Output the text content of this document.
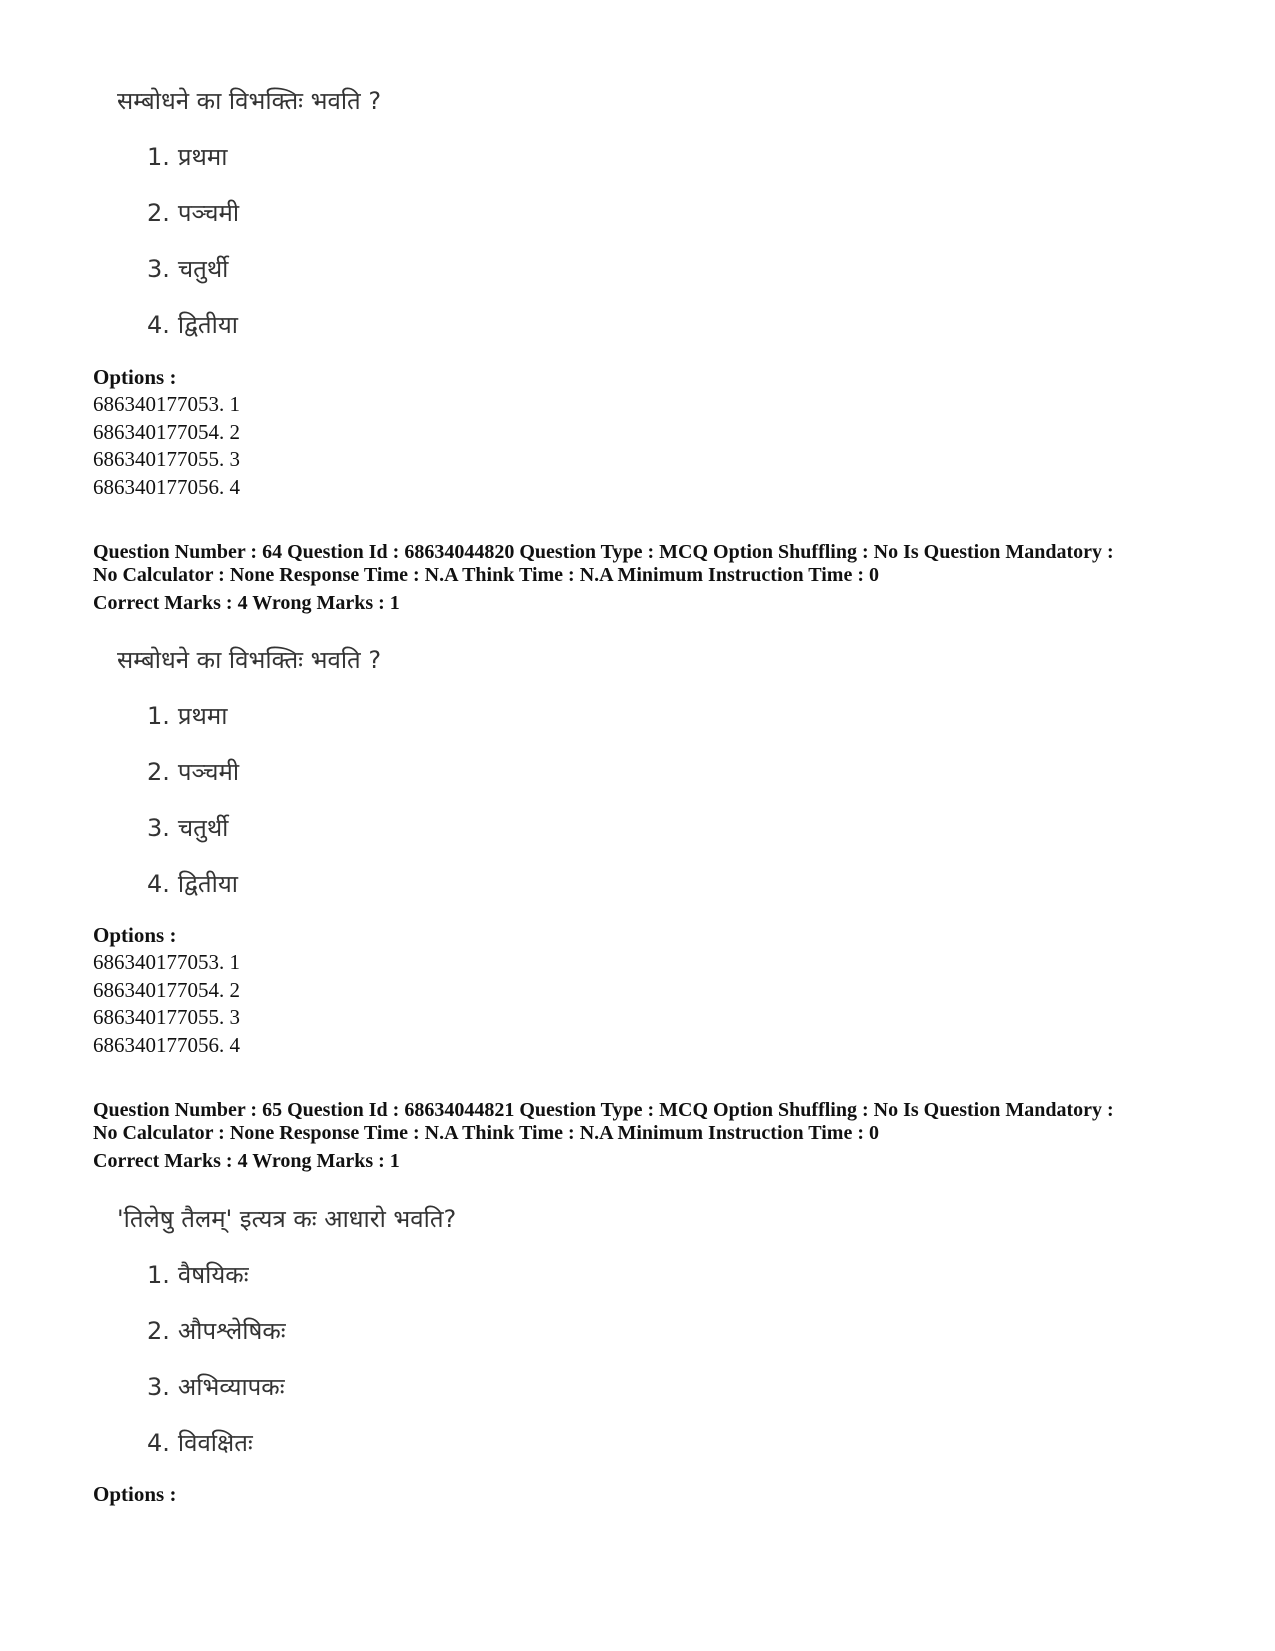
सम्बोधने का विभक्तिः भवति ?
1. प्रथमा
2. पञ्चमी
3. चतुर्थी
4. द्वितीया
Options :
686340177053. 1
686340177054. 2
686340177055. 3
686340177056. 4
Question Number : 64 Question Id : 68634044820 Question Type : MCQ Option Shuffling : No Is Question Mandatory :
No Calculator : None Response Time : N.A Think Time : N.A Minimum Instruction Time : 0
Correct Marks : 4 Wrong Marks : 1
सम्बोधने का विभक्तिः भवति ?
1. प्रथमा
2. पञ्चमी
3. चतुर्थी
4. द्वितीया
Options :
686340177053. 1
686340177054. 2
686340177055. 3
686340177056. 4
Question Number : 65 Question Id : 68634044821 Question Type : MCQ Option Shuffling : No Is Question Mandatory :
No Calculator : None Response Time : N.A Think Time : N.A Minimum Instruction Time : 0
Correct Marks : 4 Wrong Marks : 1
'तिलेषु तैलम्' इत्यत्र कः आधारो भवति?
1. वैषयिकः
2. औपश्लेषिकः
3. अभिव्यापकः
4. विवक्षितः
Options :
